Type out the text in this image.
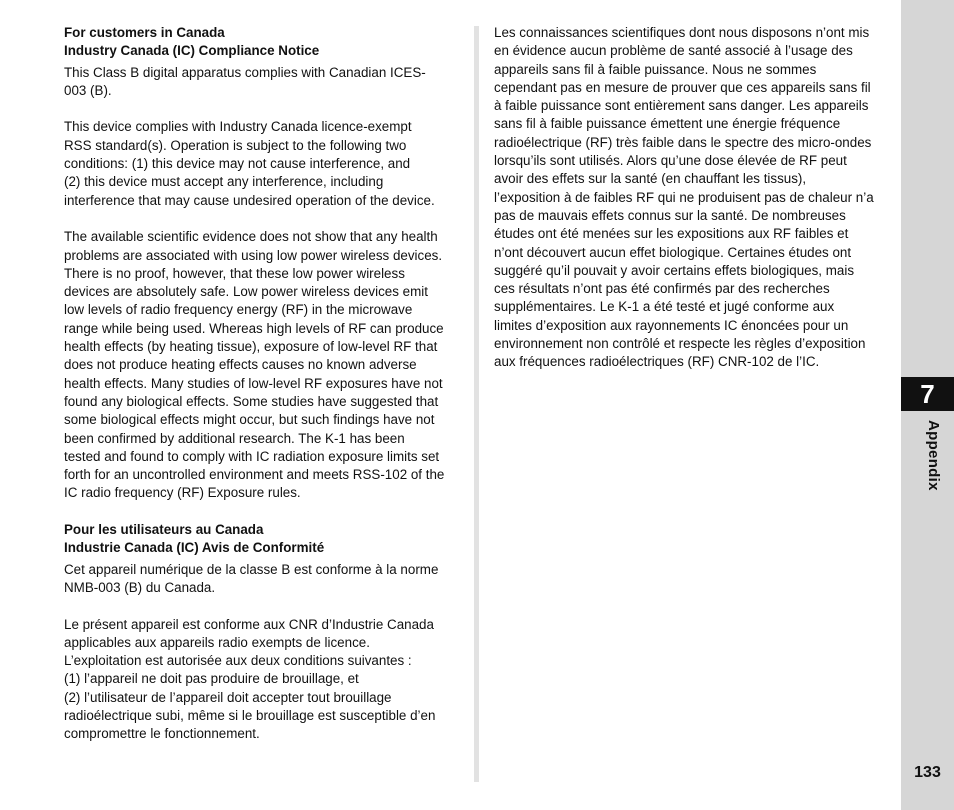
For customers in Canada
Industry Canada (IC) Compliance Notice
This Class B digital apparatus complies with Canadian ICES-
003 (B).
This device complies with Industry Canada licence-exempt
RSS standard(s). Operation is subject to the following two
conditions: (1) this device may not cause interference, and
(2) this device must accept any interference, including
interference that may cause undesired operation of the device.
The available scientific evidence does not show that any health
problems are associated with using low power wireless devices.
There is no proof, however, that these low power wireless
devices are absolutely safe. Low power wireless devices emit
low levels of radio frequency energy (RF) in the microwave
range while being used. Whereas high levels of RF can produce
health effects (by heating tissue), exposure of low-level RF that
does not produce heating effects causes no known adverse
health effects. Many studies of low-level RF exposures have not
found any biological effects. Some studies have suggested that
some biological effects might occur, but such findings have not
been confirmed by additional research. The K-1 has been
tested and found to comply with IC radiation exposure limits set
forth for an uncontrolled environment and meets RSS-102 of the
IC radio frequency (RF) Exposure rules.
Pour les utilisateurs au Canada
Industrie Canada (IC) Avis de Conformité
Cet appareil numérique de la classe B est conforme à la norme
NMB-003 (B) du Canada.
Le présent appareil est conforme aux CNR d’Industrie Canada
applicables aux appareils radio exempts de licence.
L’exploitation est autorisée aux deux conditions suivantes :
(1) l’appareil ne doit pas produire de brouillage, et
(2) l’utilisateur de l’appareil doit accepter tout brouillage
radioélectrique subi, même si le brouillage est susceptible d’en
compromettre le fonctionnement.
Les connaissances scientifiques dont nous disposons n’ont mis
en évidence aucun problème de santé associé à l’usage des
appareils sans fil à faible puissance. Nous ne sommes
cependant pas en mesure de prouver que ces appareils sans fil
à faible puissance sont entièrement sans danger. Les appareils
sans fil à faible puissance émettent une énergie fréquence
radioélectrique (RF) très faible dans le spectre des micro-ondes
lorsqu’ils sont utilisés. Alors qu’une dose élevée de RF peut
avoir des effets sur la santé (en chauffant les tissus),
l’exposition à de faibles RF qui ne produisent pas de chaleur n’a
pas de mauvais effets connus sur la santé. De nombreuses
études ont été menées sur les expositions aux RF faibles et
n’ont découvert aucun effet biologique. Certaines études ont
suggéré qu’il pouvait y avoir certains effets biologiques, mais
ces résultats n’ont pas été confirmés par des recherches
supplémentaires. Le K-1 a été testé et jugé conforme aux
limites d’exposition aux rayonnements IC énoncées pour un
environnement non contrôlé et respecte les règles d’exposition
aux fréquences radioélectriques (RF) CNR-102 de l’IC.
7
Appendix
133
